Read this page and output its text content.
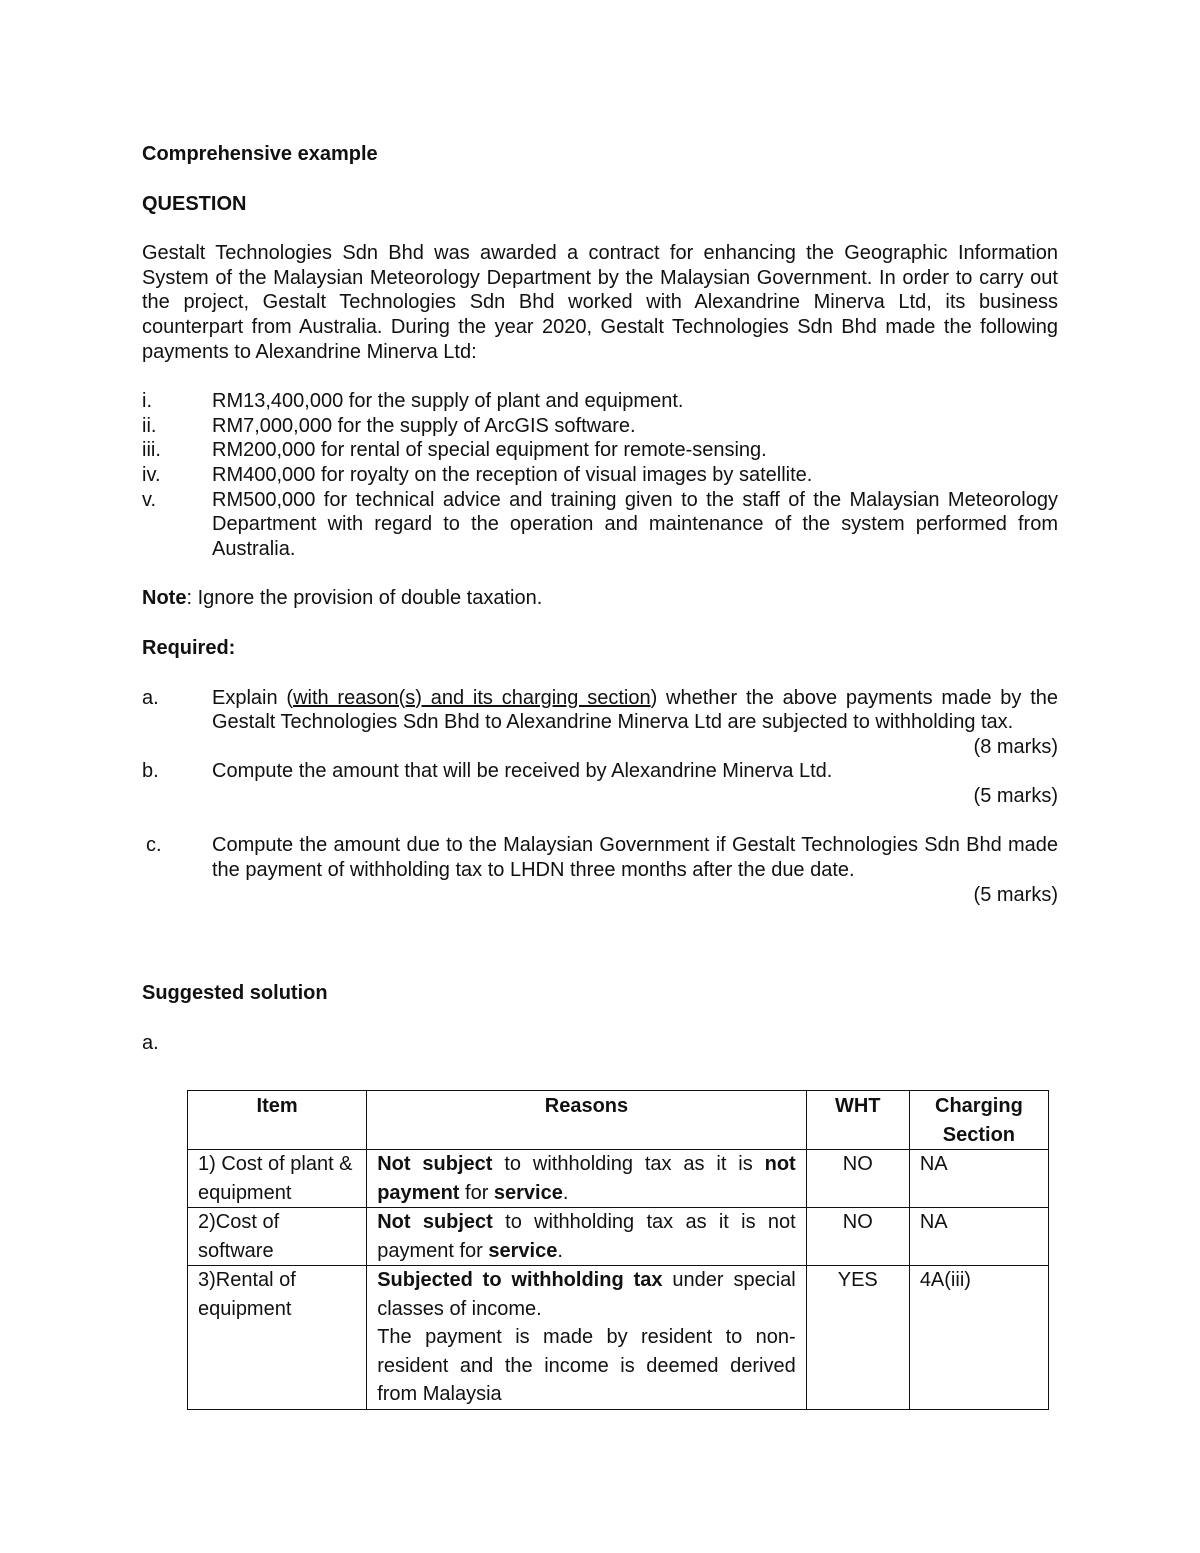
Comprehensive example

QUESTION

Gestalt Technologies Sdn Bhd was awarded a contract for enhancing the Geographic Information System of the Malaysian Meteorology Department by the Malaysian Government. In order to carry out the project, Gestalt Technologies Sdn Bhd worked with Alexandrine Minerva Ltd, its business counterpart from Australia. During the year 2020, Gestalt Technologies Sdn Bhd made the following payments to Alexandrine Minerva Ltd:

i.	RM13,400,000 for the supply of plant and equipment.
ii.	RM7,000,000 for the supply of ArcGIS software.
iii.	RM200,000 for rental of special equipment for remote-sensing.
iv.	RM400,000 for royalty on the reception of visual images by satellite.
v.	RM500,000 for technical advice and training given to the staff of the Malaysian Meteorology Department with regard to the operation and maintenance of the system performed from Australia.

Note: Ignore the provision of double taxation.

Required:

a.	Explain (with reason(s) and its charging section) whether the above payments made by the Gestalt Technologies Sdn Bhd to Alexandrine Minerva Ltd are subjected to withholding tax.

(8 marks)

b.	Compute the amount that will be received by Alexandrine Minerva Ltd.

(5 marks)

c.	Compute the amount due to the Malaysian Government if Gestalt Technologies Sdn Bhd made the payment of withholding tax to LHDN three months after the due date.

(5 marks)

Suggested solution

a.

Item	Reasons	WHT	Charging Section
1) Cost of plant & equipment	Not subject to withholding tax as it is not payment for service.	NO	NA
2)Cost of software	Not subject to withholding tax as it is not payment for service.	NO	NA
3)Rental of equipment	Subjected to withholding tax under special classes of income.
The payment is made by resident to non-resident and the income is deemed derived from Malaysia	YES	4A(iii)
